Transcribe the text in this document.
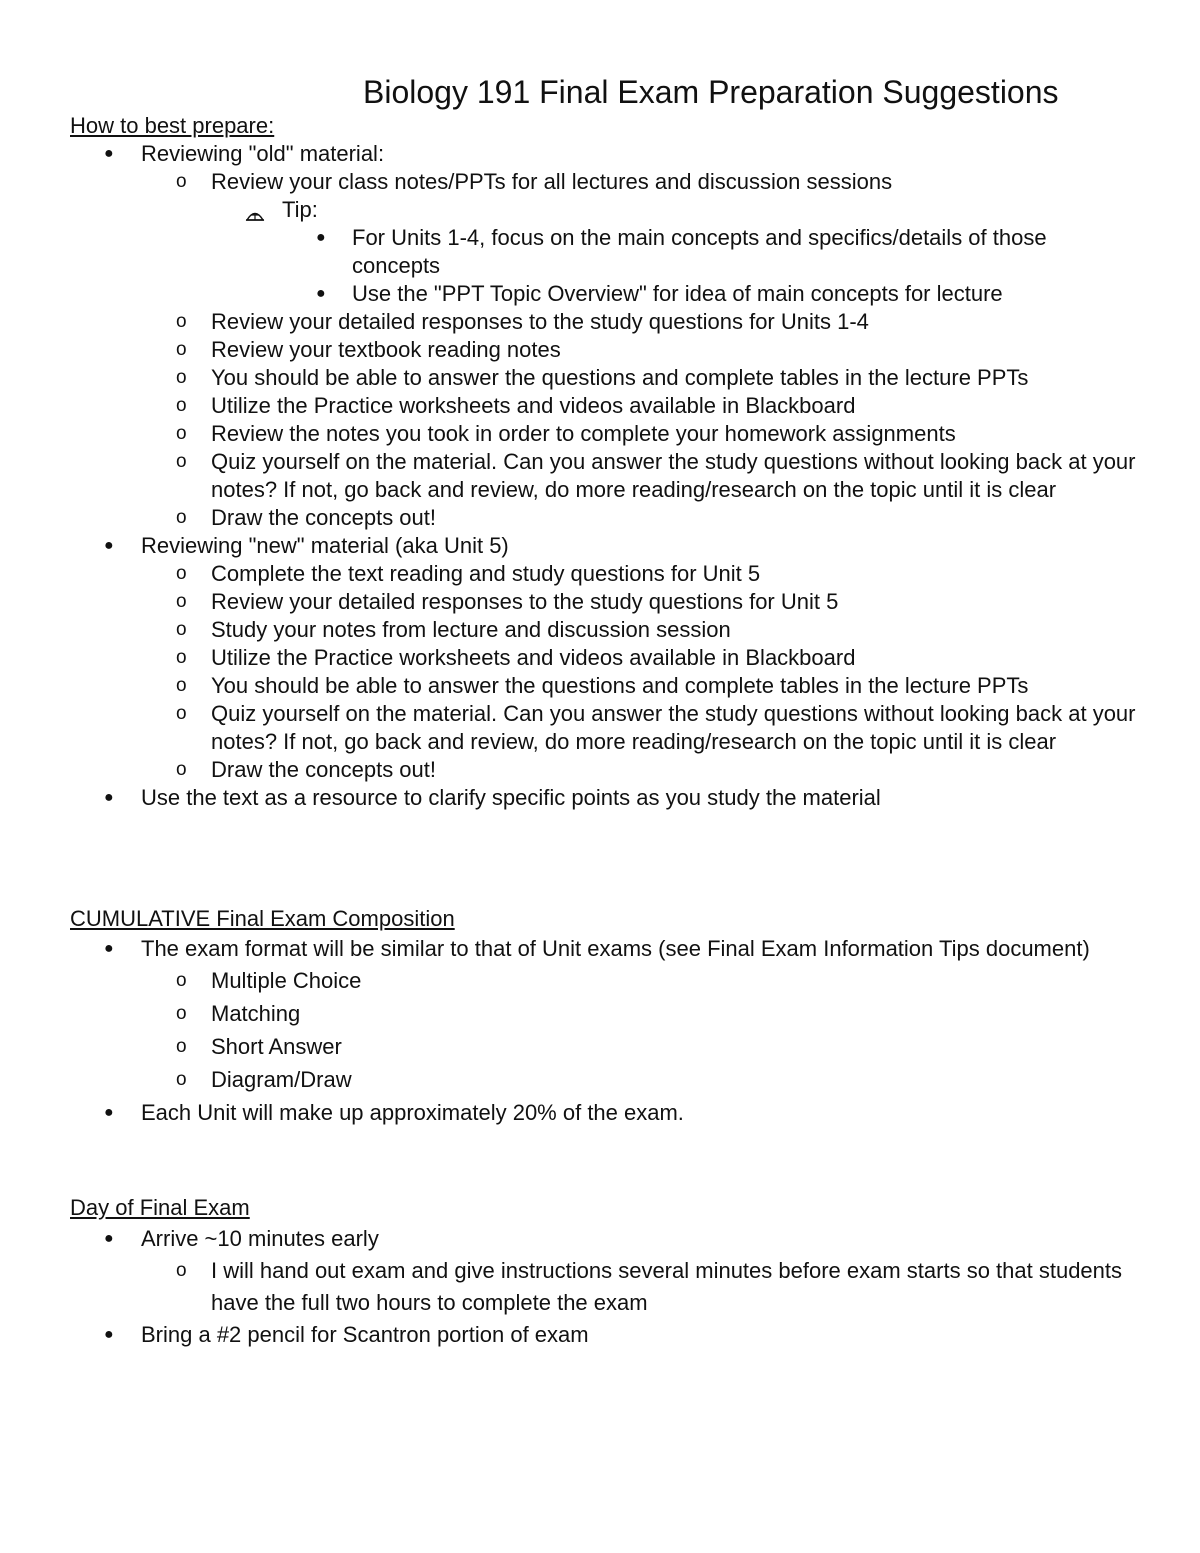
Biology 191 Final Exam Preparation Suggestions
How to best prepare:
● Reviewing "old" material:
o Review your class notes/PPTs for all lectures and discussion sessions
Tip:
● For Units 1-4, focus on the main concepts and specifics/details of those concepts
● Use the "PPT Topic Overview" for idea of main concepts for lecture
o Review your detailed responses to the study questions for Units 1-4
o Review your textbook reading notes
o You should be able to answer the questions and complete tables in the lecture PPTs
o Utilize the Practice worksheets and videos available in Blackboard
o Review the notes you took in order to complete your homework assignments
o Quiz yourself on the material. Can you answer the study questions without looking back at your notes? If not, go back and review, do more reading/research on the topic until it is clear
o Draw the concepts out!
● Reviewing "new" material (aka Unit 5)
o Complete the text reading and study questions for Unit 5
o Review your detailed responses to the study questions for Unit 5
o Study your notes from lecture and discussion session
o Utilize the Practice worksheets and videos available in Blackboard
o You should be able to answer the questions and complete tables in the lecture PPTs
o Quiz yourself on the material. Can you answer the study questions without looking back at your notes? If not, go back and review, do more reading/research on the topic until it is clear
o Draw the concepts out!
● Use the text as a resource to clarify specific points as you study the material
CUMULATIVE Final Exam Composition
● The exam format will be similar to that of Unit exams (see Final Exam Information Tips document)
o Multiple Choice
o Matching
o Short Answer
o Diagram/Draw
● Each Unit will make up approximately 20% of the exam.
Day of Final Exam
● Arrive ~10 minutes early
o I will hand out exam and give instructions several minutes before exam starts so that students have the full two hours to complete the exam
● Bring a #2 pencil for Scantron portion of exam
